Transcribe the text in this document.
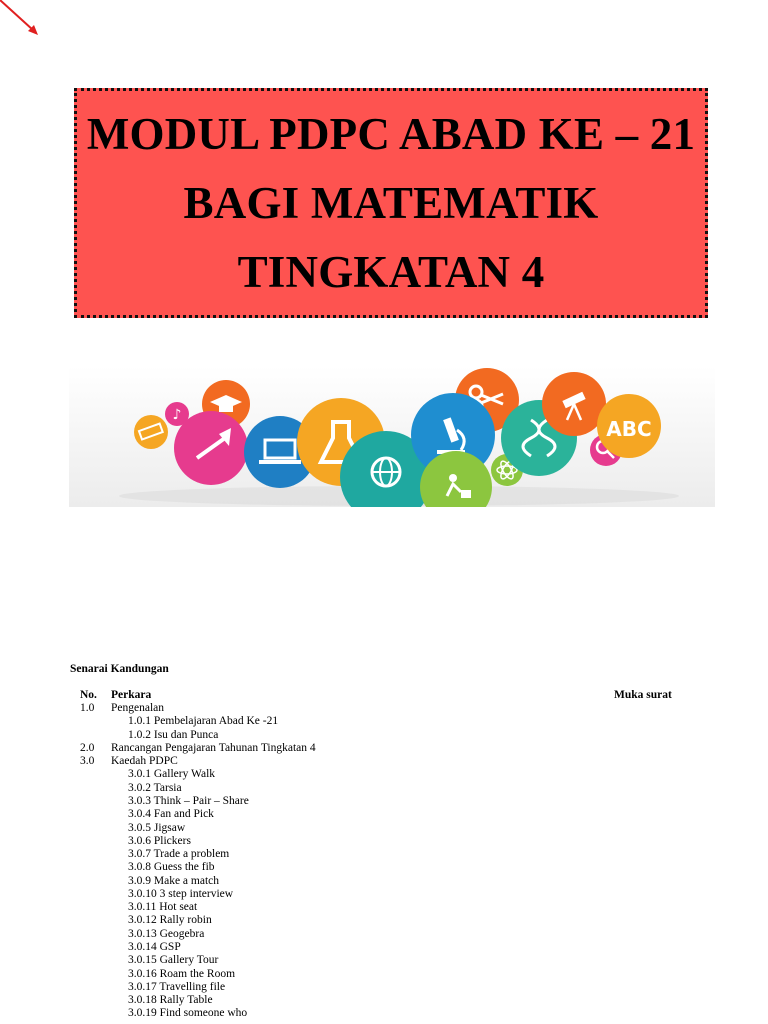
MODUL PDPC ABAD KE – 21
BAGI MATEMATIK
TINGKATAN 4
♪
ABC
Senarai Kandungan
No. Perkara	Muka surat
1.0 Pengenalan
1.0.1 Pembelajaran Abad Ke -21
1.0.2 Isu dan Punca
2.0 Rancangan Pengajaran Tahunan Tingkatan 4
3.0 Kaedah PDPC
3.0.1 Gallery Walk
3.0.2 Tarsia
3.0.3 Think – Pair – Share
3.0.4 Fan and Pick
3.0.5 Jigsaw
3.0.6 Plickers
3.0.7 Trade a problem
3.0.8 Guess the fib
3.0.9 Make a match
3.0.10 3 step interview
3.0.11 Hot seat
3.0.12 Rally robin
3.0.13 Geogebra
3.0.14 GSP
3.0.15 Gallery Tour
3.0.16 Roam the Room
3.0.17 Travelling file
3.0.18 Rally Table
3.0.19 Find someone who
